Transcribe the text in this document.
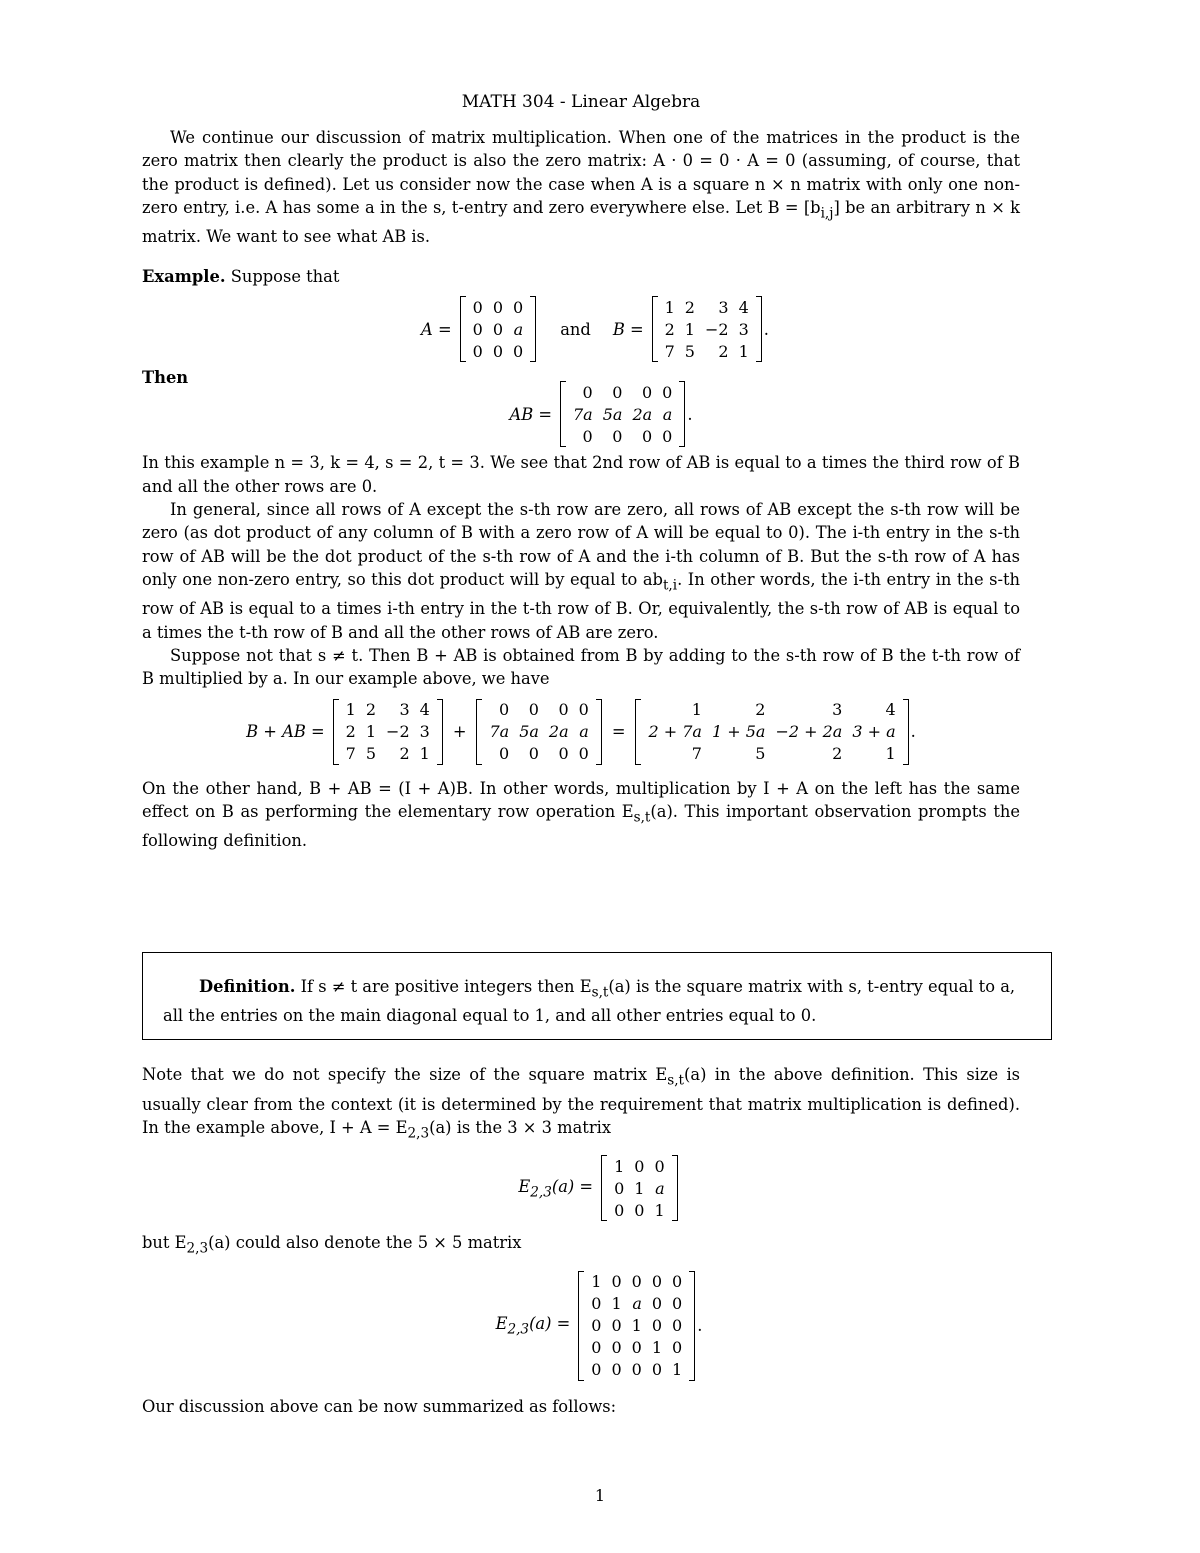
MATH 304 - Linear Algebra

We continue our discussion of matrix multiplication. When one of the matrices in the product is the zero matrix then clearly the product is also the zero matrix: A · 0 = 0 · A = 0 (assuming, of course, that the product is defined). Let us consider now the case when A is a square n × n matrix with only one non-zero entry, i.e. A has some a in the s, t-entry and zero everywhere else. Let $B = [b_{i,j}]$ be an arbitrary n × k matrix. We want to see what AB is.

Example. Suppose that

A =
0	0	0
0	0	a
0	0	0
and B =
1	2	3	4
2	1	−2	3
7	5	2	1
.

Then

AB =
0	0	0	0
7a	5a	2a	a
0	0	0	0
.

In this example n = 3, k = 4, s = 2, t = 3. We see that 2nd row of AB is equal to a times the third row of B and all the other rows are 0.

In general, since all rows of A except the s-th row are zero, all rows of AB except the s-th row will be zero (as dot product of any column of B with a zero row of A will be equal to 0). The i-th entry in the s-th row of AB will be the dot product of the s-th row of A and the i-th column of B. But the s-th row of A has only one non-zero entry, so this dot product will by equal to $ab_{t,i}$. In other words, the i-th entry in the s-th row of AB is equal to a times i-th entry in the t-th row of B. Or, equivalently, the s-th row of AB is equal to a times the t-th row of B and all the other rows of AB are zero.

Suppose not that s ≠ t. Then B + AB is obtained from B by adding to the s-th row of B the t-th row of B multiplied by a. In our example above, we have

B + AB =
1	2	3	4
2	1	−2	3
7	5	2	1
+
0	0	0	0
7a	5a	2a	a
0	0	0	0
=
1	2	3	4
2 + 7a	1 + 5a	−2 + 2a	3 + a
7	5	2	1
.

On the other hand, B + AB = (I + A)B. In other words, multiplication by I + A on the left has the same effect on B as performing the elementary row operation $E_{s,t}(a)$. This important observation prompts the following definition.

Definition. If s ≠ t are positive integers then $E_{s,t}(a)$ is the square matrix with s, t-entry equal to a, all the entries on the main diagonal equal to 1, and all other entries equal to 0.

Note that we do not specify the size of the square matrix $E_{s,t}(a)$ in the above definition. This size is usually clear from the context (it is determined by the requirement that matrix multiplication is defined). In the example above, $I + A = E_{2,3}(a)$ is the 3 × 3 matrix

$E_{2,3}(a)$ =
1	0	0
0	1	a
0	0	1

but $E_{2,3}(a)$ could also denote the 5 × 5 matrix

$E_{2,3}(a)$ =
1	0	0	0	0
0	1	a	0	0
0	0	1	0	0
0	0	0	1	0
0	0	0	0	1
.

Our discussion above can be now summarized as follows:

1
